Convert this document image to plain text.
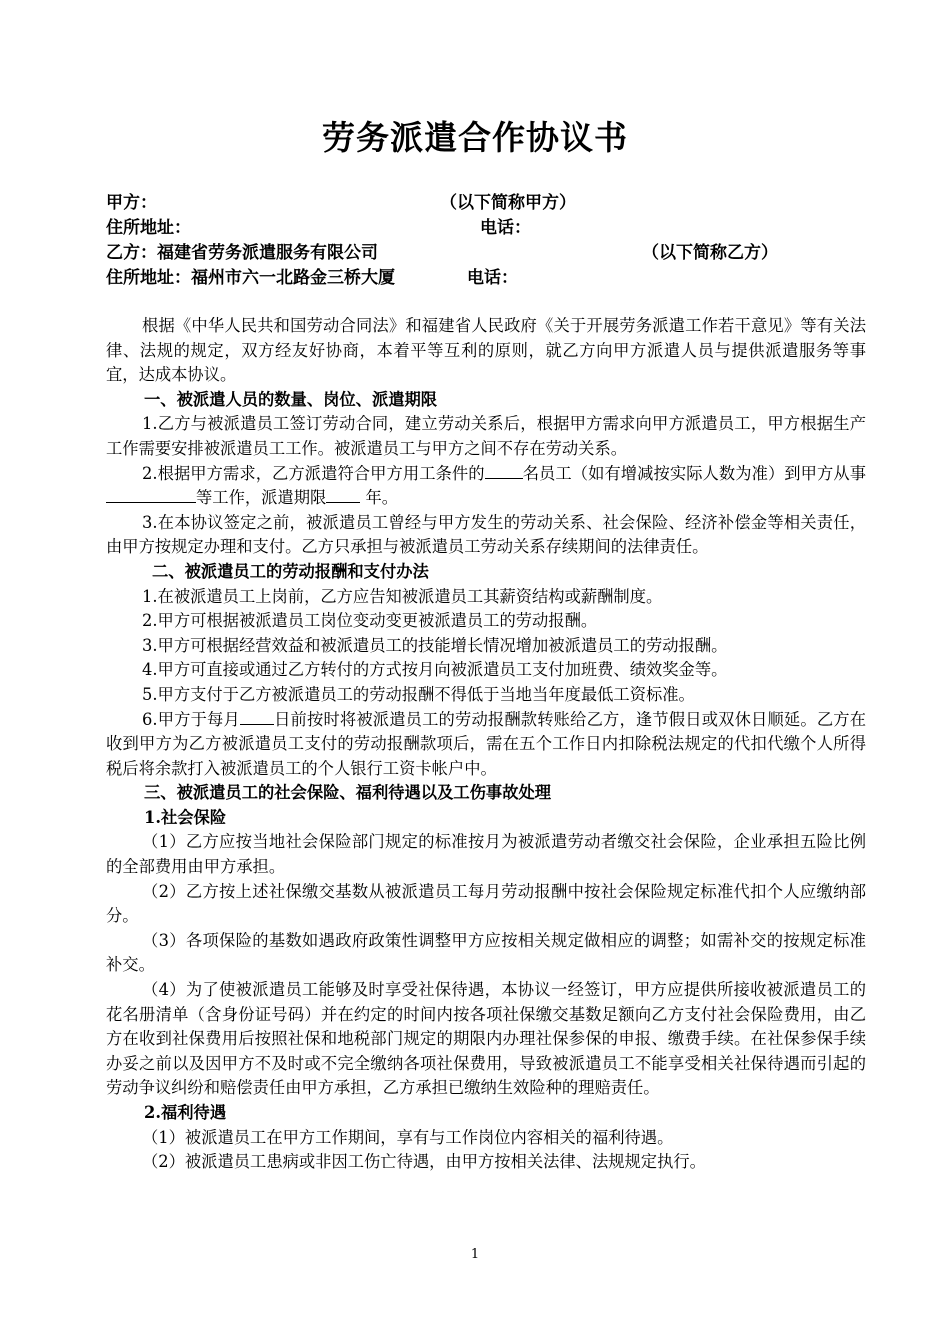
劳务派遣合作协议书
甲方：	（以下简称甲方）
住所地址：	电话：
乙方：福建省劳务派遣服务有限公司	（以下简称乙方）
住所地址：福州市六一北路金三桥大厦	电话：

根据《中华人民共和国劳动合同法》和福建省人民政府《关于开展劳务派遣工作若干意见》等有关法律、法规的规定，双方经友好协商，本着平等互利的原则，就乙方向甲方派遣人员与提供派遣服务等事宜，达成本协议。

一、被派遣人员的数量、岗位、派遣期限

1.乙方与被派遣员工签订劳动合同，建立劳动关系后，根据甲方需求向甲方派遣员工，甲方根据生产工作需要安排被派遣员工工作。被派遣员工与甲方之间不存在劳动关系。

2.根据甲方需求，乙方派遣符合甲方用工条件的 名员工（如有增减按实际人数为准）到甲方从事 等工作，派遣期限 年。

3.在本协议签定之前，被派遣员工曾经与甲方发生的劳动关系、社会保险、经济补偿金等相关责任，由甲方按规定办理和支付。乙方只承担与被派遣员工劳动关系存续期间的法律责任。

二、被派遣员工的劳动报酬和支付办法

1.在被派遣员工上岗前，乙方应告知被派遣员工其薪资结构或薪酬制度。

2.甲方可根据被派遣员工岗位变动变更被派遣员工的劳动报酬。

3.甲方可根据经营效益和被派遣员工的技能增长情况增加被派遣员工的劳动报酬。

4.甲方可直接或通过乙方转付的方式按月向被派遣员工支付加班费、绩效奖金等。

5.甲方支付于乙方被派遣员工的劳动报酬不得低于当地当年度最低工资标准。

6.甲方于每月 日前按时将被派遣员工的劳动报酬款转账给乙方，逢节假日或双休日顺延。乙方在收到甲方为乙方被派遣员工支付的劳动报酬款项后，需在五个工作日内扣除税法规定的代扣代缴个人所得税后将余款打入被派遣员工的个人银行工资卡帐户中。

三、被派遣员工的社会保险、福利待遇以及工伤事故处理

1.社会保险

（1）乙方应按当地社会保险部门规定的标准按月为被派遣劳动者缴交社会保险，企业承担五险比例的全部费用由甲方承担。

（2）乙方按上述社保缴交基数从被派遣员工每月劳动报酬中按社会保险规定标准代扣个人应缴纳部分。

（3）各项保险的基数如遇政府政策性调整甲方应按相关规定做相应的调整；如需补交的按规定标准补交。

（4）为了使被派遣员工能够及时享受社保待遇，本协议一经签订，甲方应提供所接收被派遣员工的花名册清单（含身份证号码）并在约定的时间内按各项社保缴交基数足额向乙方支付社会保险费用，由乙方在收到社保费用后按照社保和地税部门规定的期限内办理社保参保的申报、缴费手续。在社保参保手续办妥之前以及因甲方不及时或不完全缴纳各项社保费用，导致被派遣员工不能享受相关社保待遇而引起的劳动争议纠纷和赔偿责任由甲方承担，乙方承担已缴纳生效险种的理赔责任。

2.福利待遇

（1）被派遣员工在甲方工作期间，享有与工作岗位内容相关的福利待遇。

（2）被派遣员工患病或非因工伤亡待遇，由甲方按相关法律、法规规定执行。

1
